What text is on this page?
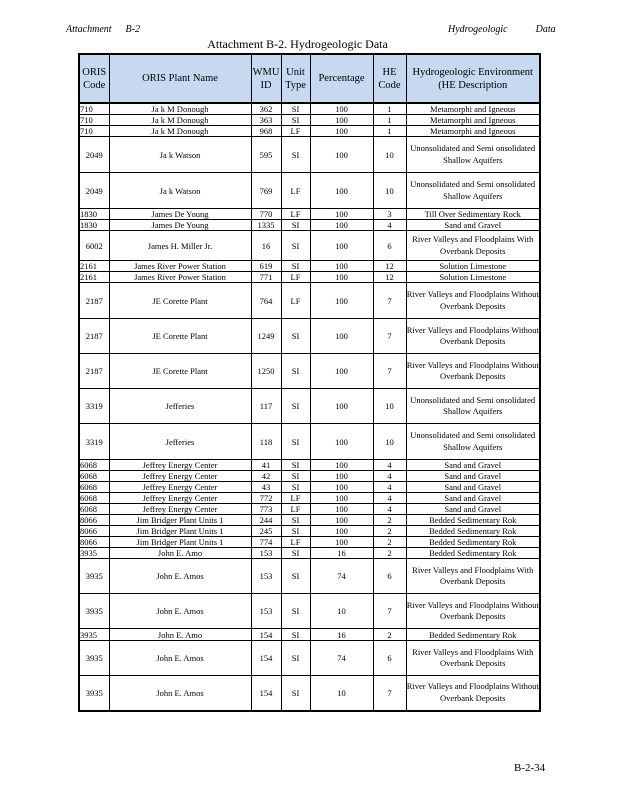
Attachment B-2	Hydrogeologic	Data
Attachment B-2. Hydrogeologic Data
ORIS Code	ORIS Plant Name	WMU ID	Unit Type	Percentage	HE Code	Hydrogeologic Environment (HE Description
710	Ja k M Donough	362	SI	100	1	Metamorphi and Igneous
710	Ja k M Donough	363	SI	100	1	Metamorphi and Igneous
710	Ja k M Donough	968	LF	100	1	Metamorphi and Igneous
2049	Ja k Watson	595	SI	100	10	Unonsolidated and Semi onsolidated Shallow Aquifers
2049	Ja k Watson	769	LF	100	10	Unonsolidated and Semi onsolidated Shallow Aquifers
1830	James De Young	770	LF	100	3	Till Over Sedimentary Rock
1830	James De Young	1335	SI	100	4	Sand and Gravel
6002	James H. Miller Jr.	16	SI	100	6	River Valleys and Floodplains With Overbank Deposits
2161	James River Power Station	619	SI	100	12	Solution Limestone
2161	James River Power Station	771	LF	100	12	Solution Limestone
2187	JE Corette Plant	764	LF	100	7	River Valleys and Floodplains Without Overbank Deposits
2187	JE Corette Plant	1249	SI	100	7	River Valleys and Floodplains Without Overbank Deposits
2187	JE Corette Plant	1250	SI	100	7	River Valleys and Floodplains Without Overbank Deposits
3319	Jefferies	117	SI	100	10	Unonsolidated and Semi onsolidated Shallow Aquifers
3319	Jefferies	118	SI	100	10	Unonsolidated and Semi onsolidated Shallow Aquifers
6068	Jeffrey Energy Center	41	SI	100	4	Sand and Gravel
6068	Jeffrey Energy Center	42	SI	100	4	Sand and Gravel
6068	Jeffrey Energy Center	43	SI	100	4	Sand and Gravel
6068	Jeffrey Energy Center	772	LF	100	4	Sand and Gravel
6068	Jeffrey Energy Center	773	LF	100	4	Sand and Gravel
8066	Jim Bridger Plant Units 1	244	SI	100	2	Bedded Sedimentary Rok
8066	Jim Bridger Plant Units 1	245	SI	100	2	Bedded Sedimentary Rok
8066	Jim Bridger Plant Units 1	774	LF	100	2	Bedded Sedimentary Rok
3935	John E. Amo	153	SI	16	2	Bedded Sedimentary Rok
3935	John E. Amos	153	SI	74	6	River Valleys and Floodplains With Overbank Deposits
3935	John E. Amos	153	SI	10	7	River Valleys and Floodplains Without Overbank Deposits
3935	John E. Amo	154	SI	16	2	Bedded Sedimentary Rok
3935	John E. Amos	154	SI	74	6	River Valleys and Floodplains With Overbank Deposits
3935	John E. Amos	154	SI	10	7	River Valleys and Floodplains Without Overbank Deposits
B-2-34
